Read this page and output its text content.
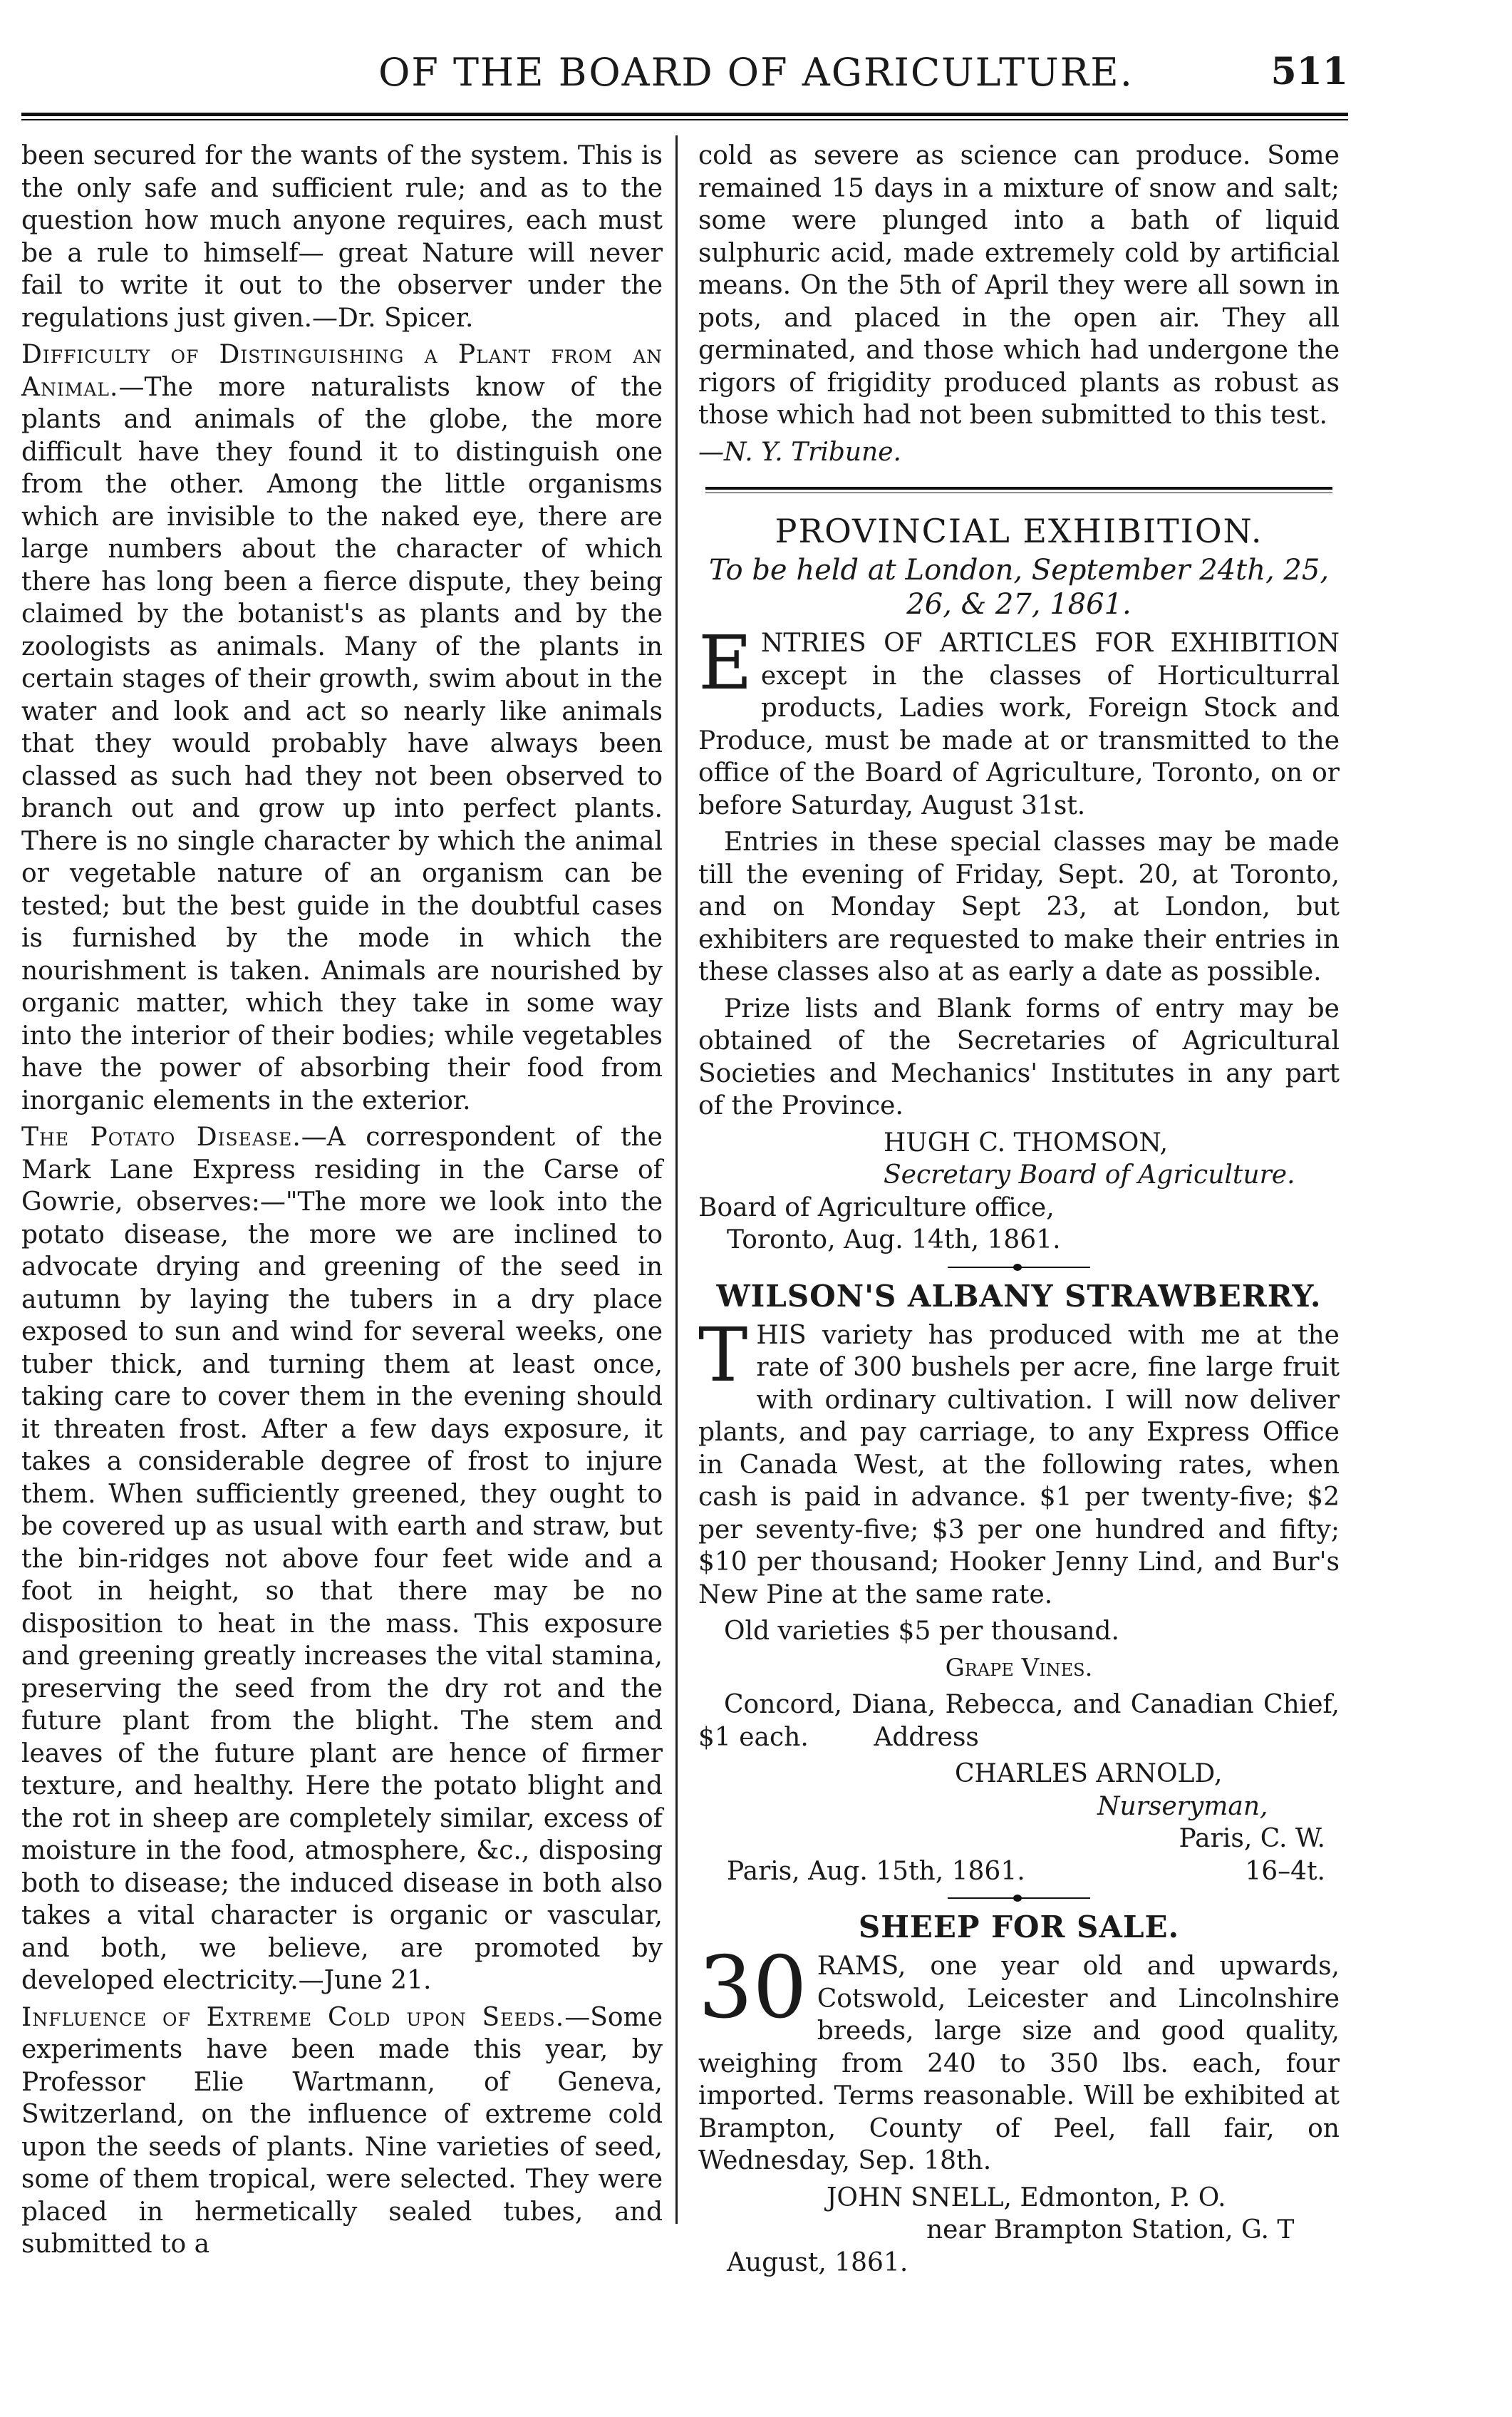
OF THE BOARD OF AGRICULTURE.	511

been secured for the wants of the system. This is the only safe and sufficient rule; and as to the question how much anyone requires, each must be a rule to himself— great Nature will never fail to write it out to the observer under the regulations just given.—Dr. Spicer.

Difficulty of Distinguishing a Plant from an Animal.—The more naturalists know of the plants and animals of the globe, the more difficult have they found it to distinguish one from the other. Among the little organisms which are invisible to the naked eye, there are large numbers about the character of which there has long been a fierce dispute, they being claimed by the botanist's as plants and by the zoologists as animals. Many of the plants in certain stages of their growth, swim about in the water and look and act so nearly like animals that they would probably have always been classed as such had they not been observed to branch out and grow up into perfect plants. There is no single character by which the animal or vegetable nature of an organism can be tested; but the best guide in the doubtful cases is furnished by the mode in which the nourishment is taken. Animals are nourished by organic matter, which they take in some way into the interior of their bodies; while vegetables have the power of absorbing their food from inorganic elements in the exterior.

The Potato Disease.—A correspondent of the Mark Lane Express residing in the Carse of Gowrie, observes:—"The more we look into the potato disease, the more we are inclined to advocate drying and greening of the seed in autumn by laying the tubers in a dry place exposed to sun and wind for several weeks, one tuber thick, and turning them at least once, taking care to cover them in the evening should it threaten frost. After a few days exposure, it takes a considerable degree of frost to injure them. When sufficiently greened, they ought to be covered up as usual with earth and straw, but the bin-ridges not above four feet wide and a foot in height, so that there may be no disposition to heat in the mass. This exposure and greening greatly increases the vital stamina, preserving the seed from the dry rot and the future plant from the blight. The stem and leaves of the future plant are hence of firmer texture, and healthy. Here the potato blight and the rot in sheep are completely similar, excess of moisture in the food, atmosphere, &c., disposing both to disease; the induced disease in both also takes a vital character is organic or vascular, and both, we believe, are promoted by developed electricity.—June 21.

Influence of Extreme Cold upon Seeds.—Some experiments have been made this year, by Professor Elie Wartmann, of Geneva, Switzerland, on the influence of extreme cold upon the seeds of plants. Nine varieties of seed, some of them tropical, were selected. They were placed in hermetically sealed tubes, and submitted to a

cold as severe as science can produce. Some remained 15 days in a mixture of snow and salt; some were plunged into a bath of liquid sulphuric acid, made extremely cold by artificial means. On the 5th of April they were all sown in pots, and placed in the open air. They all germinated, and those which had undergone the rigors of frigidity produced plants as robust as those which had not been submitted to this test.

—N. Y. Tribune.

PROVINCIAL EXHIBITION.
To be held at London, September 24th, 25, 26, & 27, 1861.

ENTRIES OF ARTICLES FOR EXHIBITION except in the classes of Horticulturral products, Ladies work, Foreign Stock and Produce, must be made at or transmitted to the office of the Board of Agriculture, Toronto, on or before Saturday, August 31st.

Entries in these special classes may be made till the evening of Friday, Sept. 20, at Toronto, and on Monday Sept 23, at London, but exhibiters are requested to make their entries in these classes also at as early a date as possible.

Prize lists and Blank forms of entry may be obtained of the Secretaries of Agricultural Societies and Mechanics' Institutes in any part of the Province.

HUGH C. THOMSON,
Secretary Board of Agriculture.
Board of Agriculture office,
Toronto, Aug. 14th, 1861.
WILSON'S ALBANY STRAWBERRY.

THIS variety has produced with me at the rate of 300 bushels per acre, fine large fruit with ordinary cultivation. I will now deliver plants, and pay carriage, to any Express Office in Canada West, at the following rates, when cash is paid in advance. $1 per twenty-five; $2 per seventy-five; $3 per one hundred and fifty; $10 per thousand; Hooker Jenny Lind, and Bur's New Pine at the same rate.

Old varieties $5 per thousand.

Grape Vines.

Concord, Diana, Rebecca, and Canadian Chief, $1 each.	Address

CHARLES ARNOLD,
Nurseryman,
Paris, C. W.
Paris, Aug. 15th, 1861.	16–4t.
SHEEP FOR SALE.

30 RAMS, one year old and upwards, Cotswold, Leicester and Lincolnshire breeds, large size and good quality, weighing from 240 to 350 lbs. each, four imported. Terms reasonable. Will be exhibited at Brampton, County of Peel, fall fair, on Wednesday, Sep. 18th.

JOHN SNELL, Edmonton, P. O.
near Brampton Station, G. T
August, 1861.
